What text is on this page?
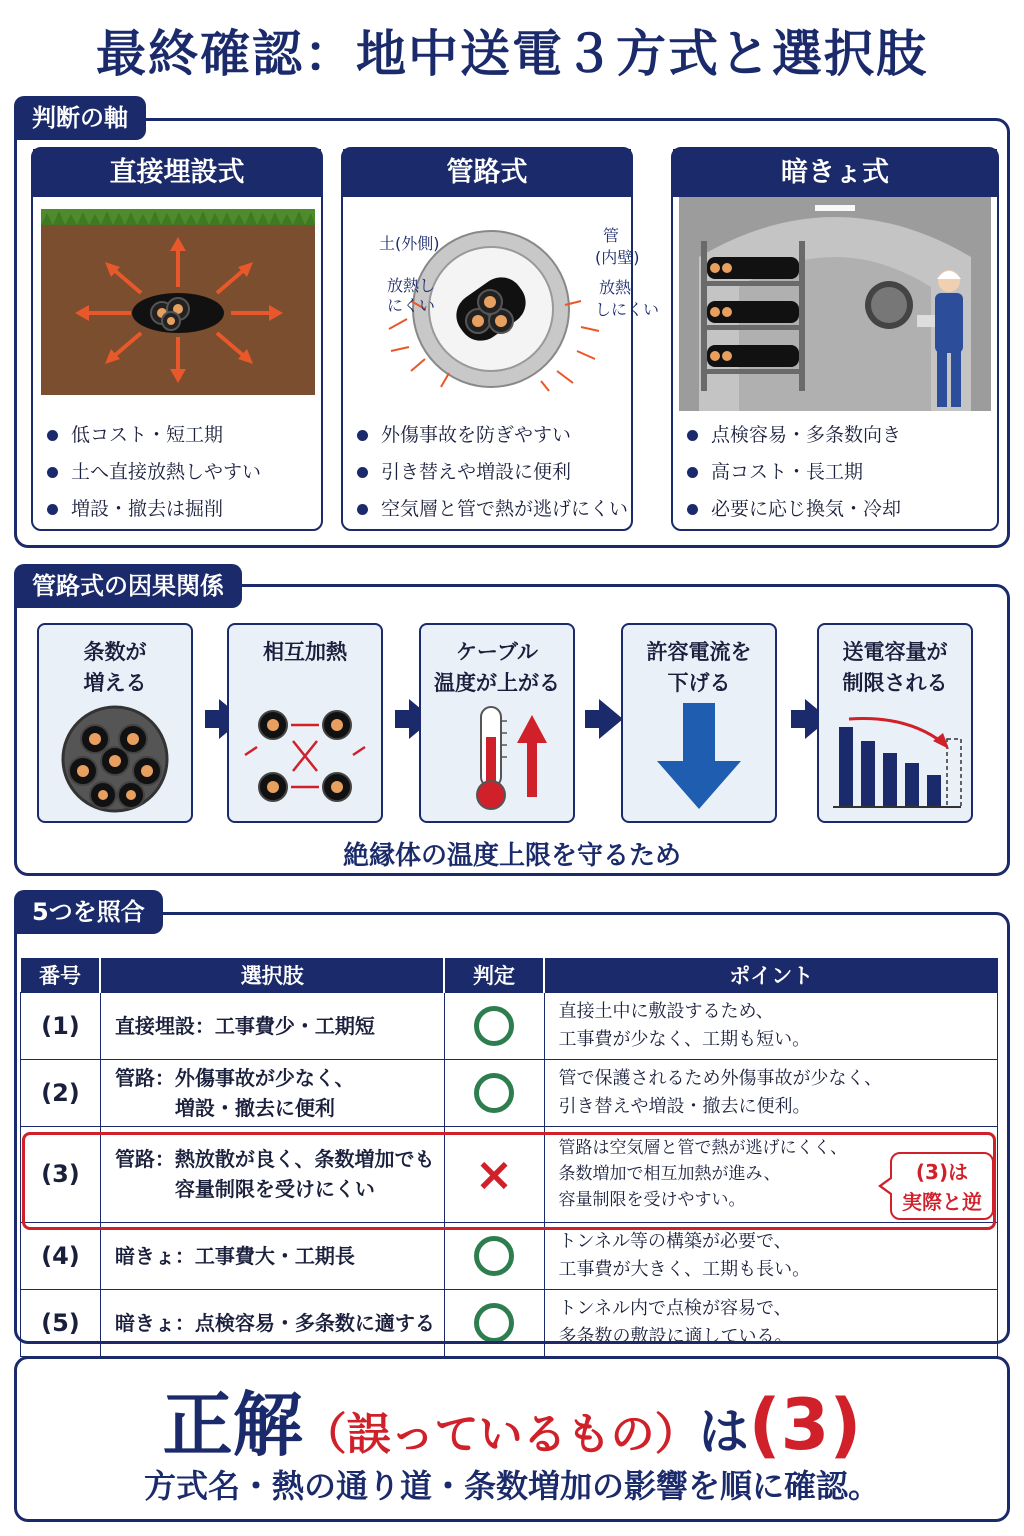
最終確認：地中送電３方式と選択肢
判断の軸
直接埋設式
低コスト・短工期
土へ直接放熱しやすい
増設・撤去は掘削
管路式
土(外側)
放熱し
にくい
管
(内壁)
放熱
しにくい
外傷事故を防ぎやすい
引き替えや増設に便利
空気層と管で熱が逃げにくい
暗きょ式
点検容易・多条数向き
高コスト・長工期
必要に応じ換気・冷却
管路式の因果関係
条数が
増える
相互加熱	ケーブル
温度が上がる
許容電流を
下げる
送電容量が
制限される
絶縁体の温度上限を守るため
5つを照合
番号	選択肢	判定	ポイント
(1)	直接埋設：工事費少・工期短		直接土中に敷設するため、
工事費が少なく、工期も短い。
(2)	管路：外傷事故が少なく、
　　　増設・撤去に便利		管で保護されるため外傷事故が少なく、
引き替えや増設・撤去に便利。
(3)	管路：熱放散が良く、条数増加でも
　　　容量制限を受けにくい	×	管路は空気層と管で熱が逃げにくく、
条数増加で相互加熱が進み、
容量制限を受けやすい。
(4)	暗きょ：工事費大・工期長		トンネル等の構築が必要で、
工事費が大きく、工期も長い。
(5)	暗きょ：点検容易・多条数に適する		トンネル内で点検が容易で、
多条数の敷設に適している。
(3)は
実際と逆
正解（誤っているもの）は(3)
方式名・熱の通り道・条数増加の影響を順に確認。
